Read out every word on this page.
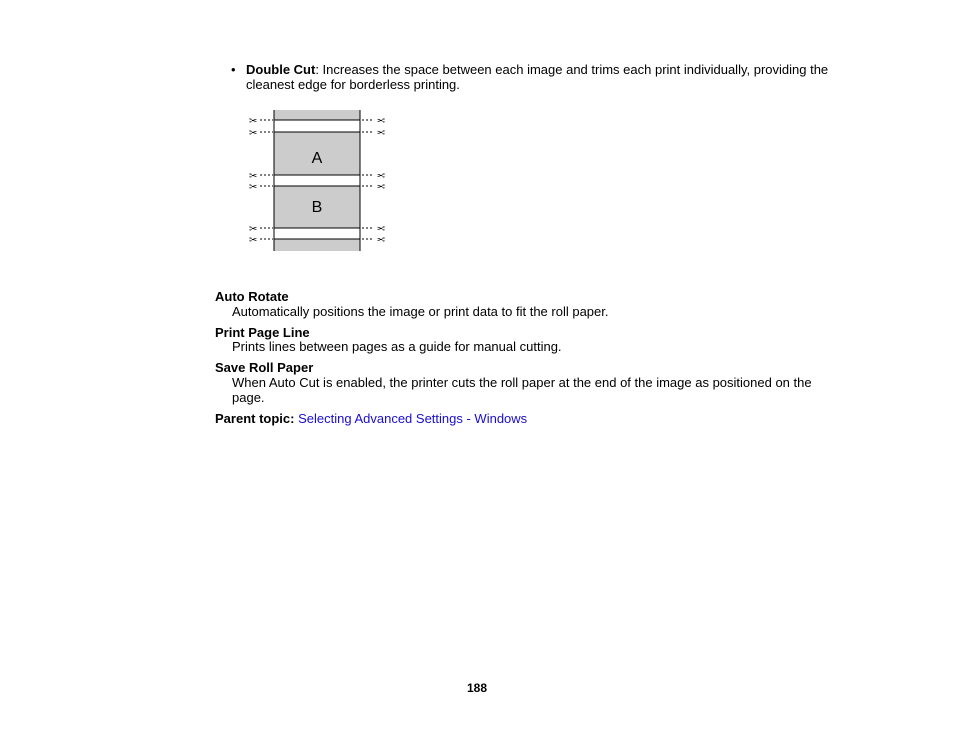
• Double Cut: Increases the space between each image and trims each print individually, providing the cleanest edge for borderless printing.
✂	✂
✂	✂
✂	✂
✂	✂
✂	✂
✂	✂
A
B
Auto Rotate
Automatically positions the image or print data to fit the roll paper.
Print Page Line
Prints lines between pages as a guide for manual cutting.
Save Roll Paper
When Auto Cut is enabled, the printer cuts the roll paper at the end of the image as positioned on the page.
Parent topic: Selecting Advanced Settings - Windows
188
